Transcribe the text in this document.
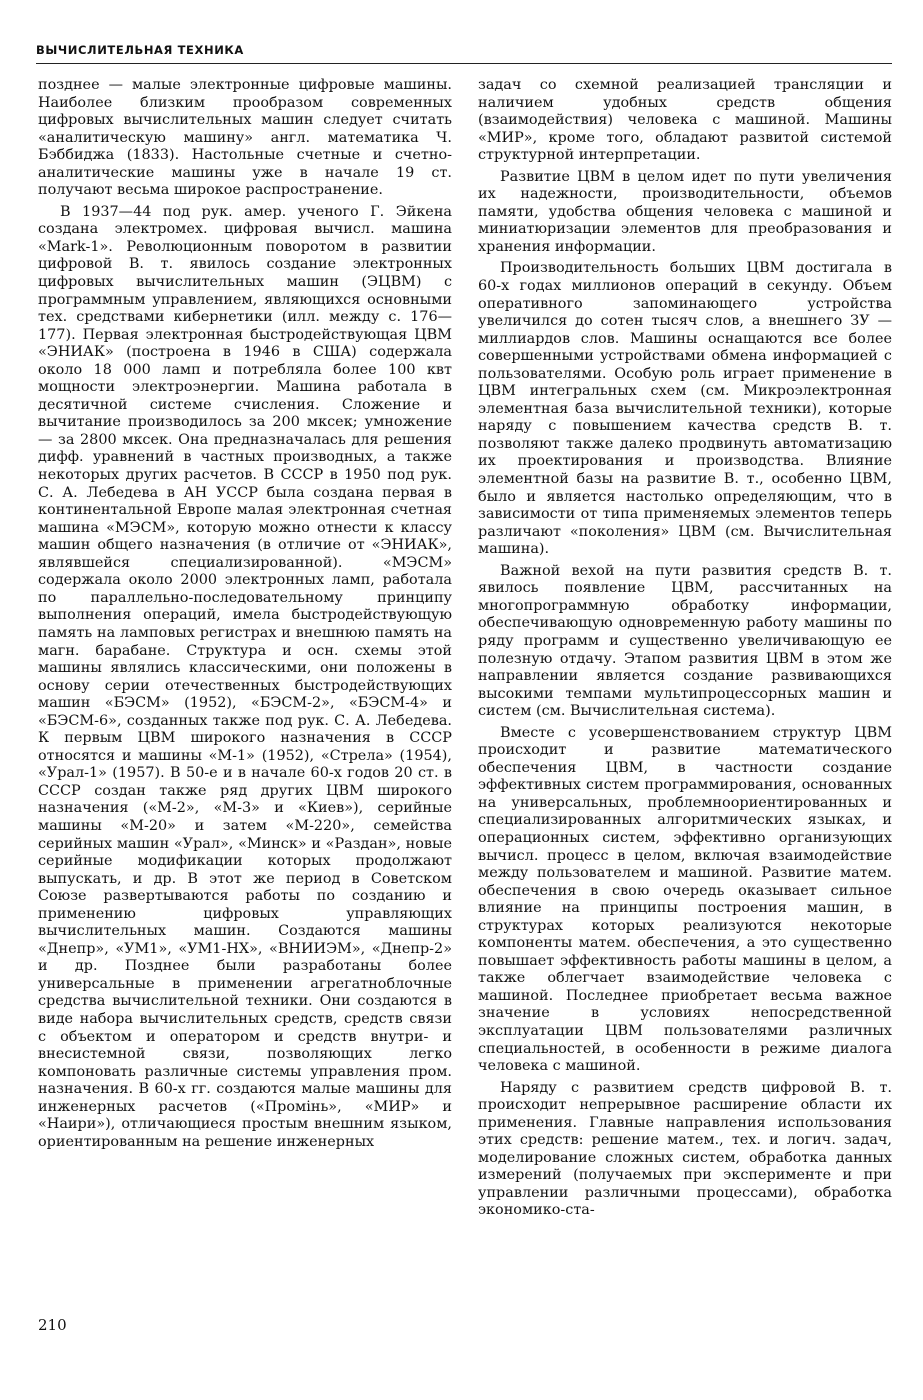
ВЫЧИСЛИТЕЛЬНАЯ ТЕХНИКА

позднее — малые электронные цифровые машины. Наиболее близким прообразом современных цифровых вычислительных машин следует считать «аналитическую машину» англ. математика Ч. Бэббиджа (1833). Настольные счетные и счетно-аналитические машины уже в начале 19 ст. получают весьма широкое распространение.

В 1937—44 под рук. амер. ученого Г. Эйкена создана электромех. цифровая вычисл. машина «Mark-1». Революционным поворотом в развитии цифровой В. т. явилось создание электронных цифровых вычислительных машин (ЭЦВМ) с программным управлением, являющихся основными тех. средствами кибернетики (илл. между с. 176—177). Первая электронная быстродействующая ЦВМ «ЭНИАК» (построена в 1946 в США) содержала около 18 000 ламп и потребляла более 100 квт мощности электроэнергии. Машина работала в десятичной системе счисления. Сложение и вычитание производилось за 200 мксек; умножение — за 2800 мксек. Она предназначалась для решения дифф. уравнений в частных производных, а также некоторых других расчетов. В СССР в 1950 под рук. С. А. Лебедева в АН УССР была создана первая в континентальной Европе малая электронная счетная машина «МЭСМ», которую можно отнести к классу машин общего назначения (в отличие от «ЭНИАК», являвшейся специализированной). «МЭСМ» содержала около 2000 электронных ламп, работала по параллельно-последовательному принципу выполнения операций, имела быстродействующую память на ламповых регистрах и внешнюю память на магн. барабане. Структура и осн. схемы этой машины являлись классическими, они положены в основу серии отечественных быстродействующих машин «БЭСМ» (1952), «БЭСМ-2», «БЭСМ-4» и «БЭСМ-6», созданных также под рук. С. А. Лебедева. К первым ЦВМ широкого назначения в СССР относятся и машины «М-1» (1952), «Стрела» (1954), «Урал-1» (1957). В 50-е и в начале 60-х годов 20 ст. в СССР создан также ряд других ЦВМ широкого назначения («М-2», «М-3» и «Киев»), серийные машины «М-20» и затем «М-220», семейства серийных машин «Урал», «Минск» и «Раздан», новые серийные модификации которых продолжают выпускать, и др. В этот же период в Советском Союзе развертываются работы по созданию и применению цифровых управляющих вычислительных машин. Создаются машины «Днепр», «УМ1», «УМ1-НХ», «ВНИИЭМ», «Днепр-2» и др. Позднее были разработаны более универсальные в применении агрегатноблочные средства вычислительной техники. Они создаются в виде набора вычислительных средств, средств связи с объектом и оператором и средств внутри- и внесистемной связи, позволяющих легко компоновать различные системы управления пром. назначения. В 60-х гг. создаются малые машины для инженерных расчетов («Промінь», «МИР» и «Наири»), отличающиеся простым внешним языком, ориентированным на решение инженерных

задач со схемной реализацией трансляции и наличием удобных средств общения (взаимодействия) человека с машиной. Машины «МИР», кроме того, обладают развитой системой структурной интерпретации.

Развитие ЦВМ в целом идет по пути увеличения их надежности, производительности, объемов памяти, удобства общения человека с машиной и миниатюризации элементов для преобразования и хранения информации.

Производительность больших ЦВМ достигала в 60-х годах миллионов операций в секунду. Объем оперативного запоминающего устройства увеличился до сотен тысяч слов, а внешнего ЗУ — миллиардов слов. Машины оснащаются все более совершенными устройствами обмена информацией с пользователями. Особую роль играет применение в ЦВМ интегральных схем (см. Микроэлектронная элементная база вычислительной техники), которые наряду с повышением качества средств В. т. позволяют также далеко продвинуть автоматизацию их проектирования и производства. Влияние элементной базы на развитие В. т., особенно ЦВМ, было и является настолько определяющим, что в зависимости от типа применяемых элементов теперь различают «поколения» ЦВМ (см. Вычислительная машина).

Важной вехой на пути развития средств В. т. явилось появление ЦВМ, рассчитанных на многопрограммную обработку информации, обеспечивающую одновременную работу машины по ряду программ и существенно увеличивающую ее полезную отдачу. Этапом развития ЦВМ в этом же направлении является создание развивающихся высокими темпами мультипроцессорных машин и систем (см. Вычислительная система).

Вместе с усовершенствованием структур ЦВМ происходит и развитие математического обеспечения ЦВМ, в частности создание эффективных систем программирования, основанных на универсальных, проблемноориентированных и специализированных алгоритмических языках, и операционных систем, эффективно организующих вычисл. процесс в целом, включая взаимодействие между пользователем и машиной. Развитие матем. обеспечения в свою очередь оказывает сильное влияние на принципы построения машин, в структурах которых реализуются некоторые компоненты матем. обеспечения, а это существенно повышает эффективность работы машины в целом, а также облегчает взаимодействие человека с машиной. Последнее приобретает весьма важное значение в условиях непосредственной эксплуатации ЦВМ пользователями различных специальностей, в особенности в режиме диалога человека с машиной.

Наряду с развитием средств цифровой В. т. происходит непрерывное расширение области их применения. Главные направления использования этих средств: решение матем., тех. и логич. задач, моделирование сложных систем, обработка данных измерений (получаемых при эксперименте и при управлении различными процессами), обработка экономико-ста-

210
